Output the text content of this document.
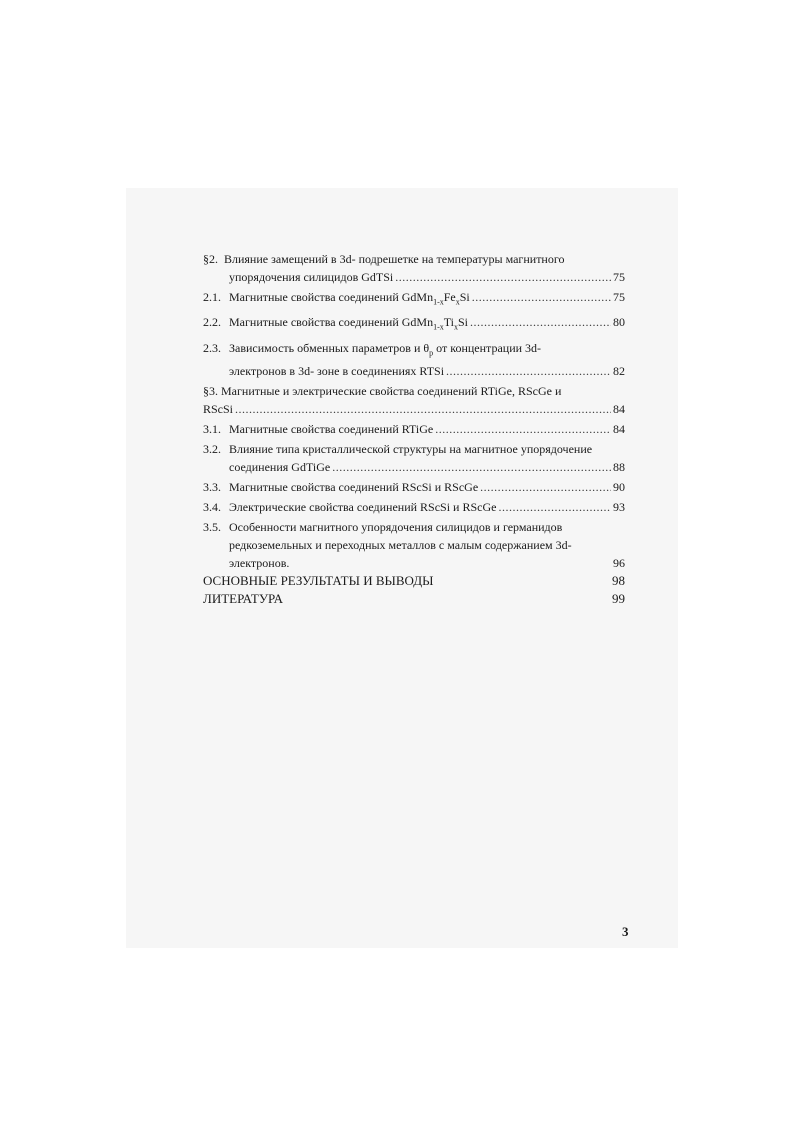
§2.
Влияние замещений в 3d- подрешетке на температуры магнитного
упорядочения силицидов GdTSi .....	75
2.1. Магнитные свойства соединений $GdMn_{1-x}Fe_xSi$ .....	75
2.2. Магнитные свойства соединений $GdMn_{1-x}Ti_xSi$ .....	80
2.3. Зависимость обменных параметров и $\theta_p$ от концентрации 3d-
электронов в 3d- зоне в соединениях RTSi .....	82
§3. Магнитные и электрические свойства соединений RTiGe, RScGe и
RScSi .....	84
3.1. Магнитные свойства соединений RTiGe .....	84
3.2. Влияние типа кристаллической структуры на магнитное упорядочение
соединения GdTiGe .....	88
3.3. Магнитные свойства соединений RScSi и RScGe .....	90
3.4. Электрические свойства соединений RScSi и RScGe .....	93
3.5. Особенности магнитного упорядочения силицидов и германидов
редкоземельных и переходных металлов с малым содержанием 3d-
электронов.	96
ОСНОВНЫЕ РЕЗУЛЬТАТЫ И ВЫВОДЫ	98
ЛИТЕРАТУРА	99
3
